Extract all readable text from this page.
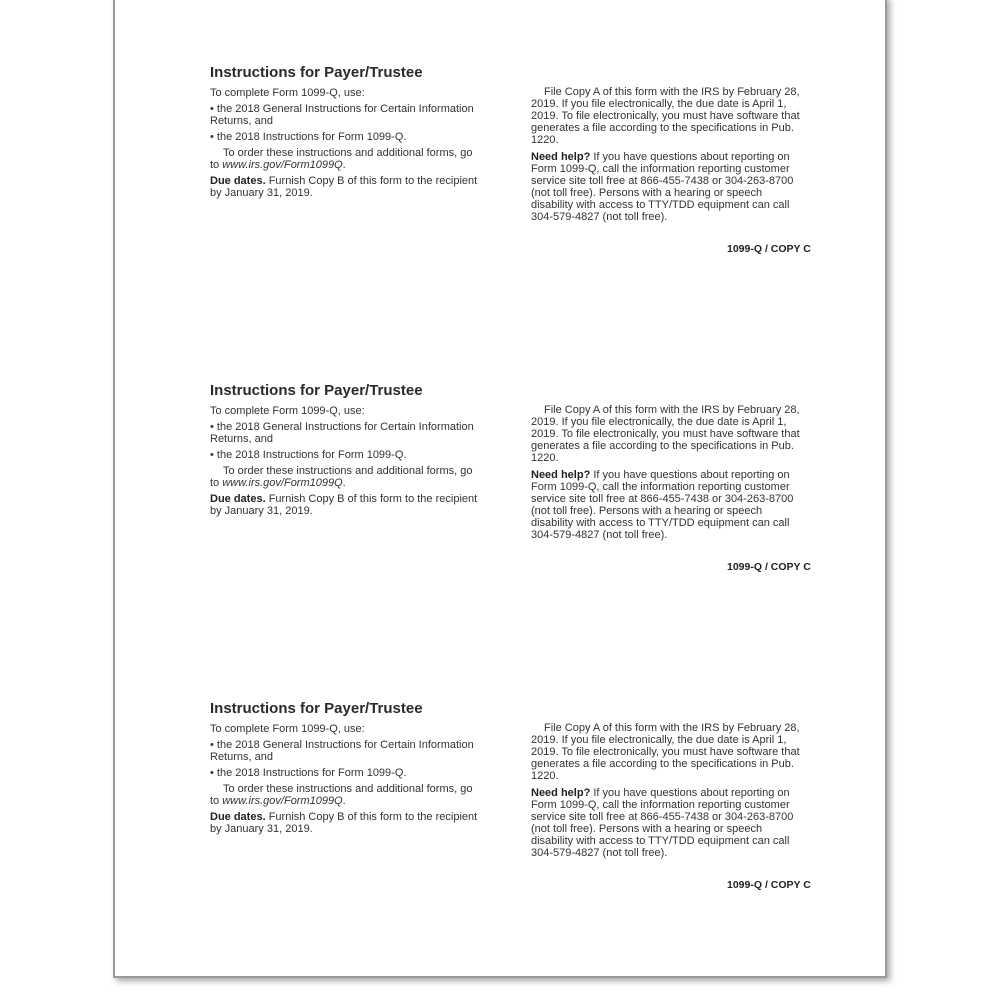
Instructions for Payer/Trustee

To complete Form 1099-Q, use:

• the 2018 General Instructions for Certain Information
Returns, and

• the 2018 Instructions for Form 1099-Q.

To order these instructions and additional forms, go
to www.irs.gov/Form1099Q.

Due dates. Furnish Copy B of this form to the recipient
by January 31, 2019.

File Copy A of this form with the IRS by February 28,
2019. If you file electronically, the due date is April 1,
2019. To file electronically, you must have software that
generates a file according to the specifications in Pub.
1220.

Need help? If you have questions about reporting on
Form 1099-Q, call the information reporting customer
service site toll free at 866-455-7438 or 304-263-8700
(not toll free). Persons with a hearing or speech
disability with access to TTY/TDD equipment can call
304-579-4827 (not toll free).

1099-Q / COPY C
Instructions for Payer/Trustee

To complete Form 1099-Q, use:

• the 2018 General Instructions for Certain Information
Returns, and

• the 2018 Instructions for Form 1099-Q.

To order these instructions and additional forms, go
to www.irs.gov/Form1099Q.

Due dates. Furnish Copy B of this form to the recipient
by January 31, 2019.

File Copy A of this form with the IRS by February 28,
2019. If you file electronically, the due date is April 1,
2019. To file electronically, you must have software that
generates a file according to the specifications in Pub.
1220.

Need help? If you have questions about reporting on
Form 1099-Q, call the information reporting customer
service site toll free at 866-455-7438 or 304-263-8700
(not toll free). Persons with a hearing or speech
disability with access to TTY/TDD equipment can call
304-579-4827 (not toll free).

1099-Q / COPY C
Instructions for Payer/Trustee

To complete Form 1099-Q, use:

• the 2018 General Instructions for Certain Information
Returns, and

• the 2018 Instructions for Form 1099-Q.

To order these instructions and additional forms, go
to www.irs.gov/Form1099Q.

Due dates. Furnish Copy B of this form to the recipient
by January 31, 2019.

File Copy A of this form with the IRS by February 28,
2019. If you file electronically, the due date is April 1,
2019. To file electronically, you must have software that
generates a file according to the specifications in Pub.
1220.

Need help? If you have questions about reporting on
Form 1099-Q, call the information reporting customer
service site toll free at 866-455-7438 or 304-263-8700
(not toll free). Persons with a hearing or speech
disability with access to TTY/TDD equipment can call
304-579-4827 (not toll free).

1099-Q / COPY C
